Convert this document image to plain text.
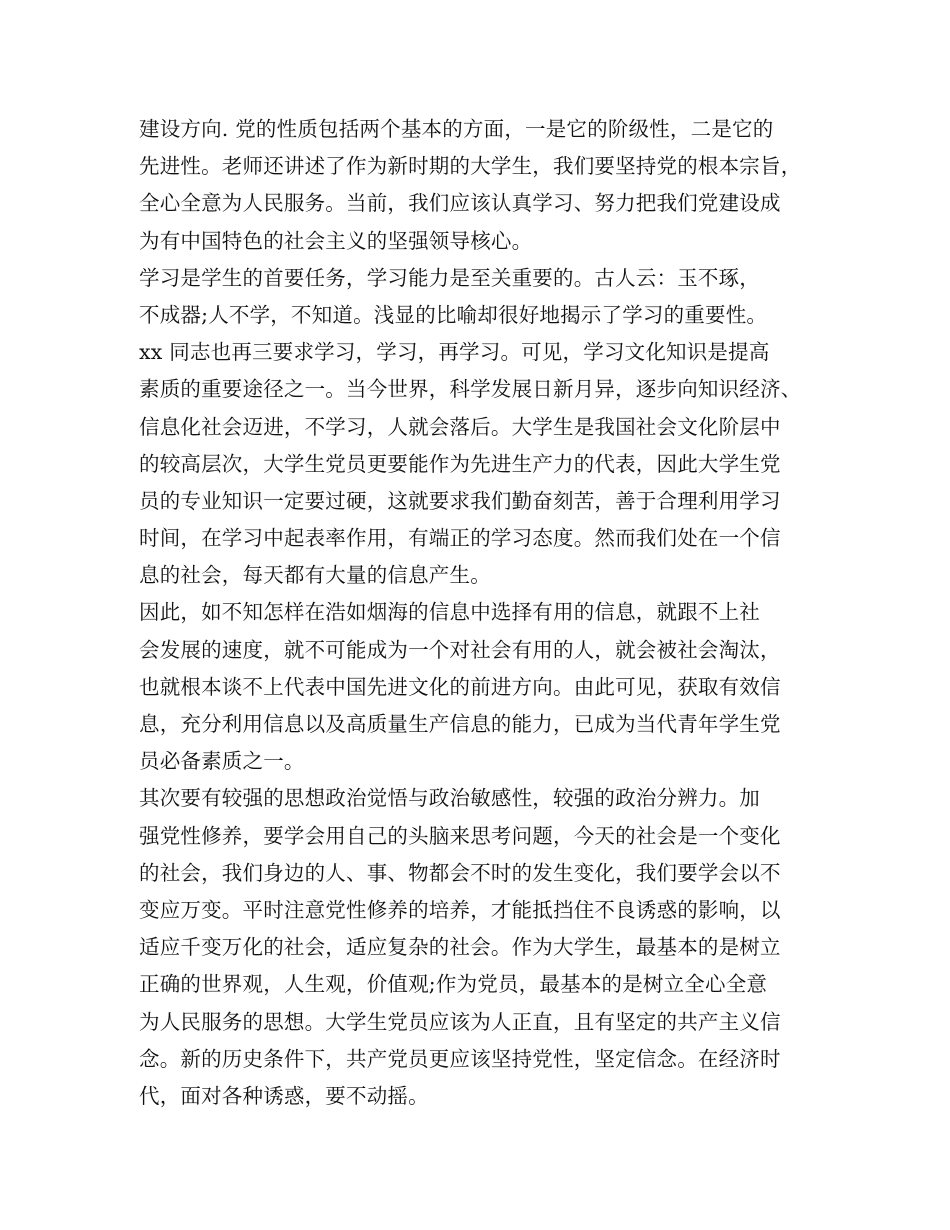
建设方向. 党的性质包括两个基本的方面，一是它的阶级性，二是它的
先进性。老师还讲述了作为新时期的大学生，我们要坚持党的根本宗旨，
全心全意为人民服务。当前，我们应该认真学习、努力把我们党建设成
为有中国特色的社会主义的坚强领导核心。
学习是学生的首要任务，学习能力是至关重要的。古人云：玉不琢，
不成器;人不学，不知道。浅显的比喻却很好地揭示了学习的重要性。
xx 同志也再三要求学习，学习，再学习。可见，学习文化知识是提高
素质的重要途径之一。当今世界，科学发展日新月异，逐步向知识经济、
信息化社会迈进，不学习，人就会落后。大学生是我国社会文化阶层中
的较高层次，大学生党员更要能作为先进生产力的代表，因此大学生党
员的专业知识一定要过硬，这就要求我们勤奋刻苦，善于合理利用学习
时间，在学习中起表率作用，有端正的学习态度。然而我们处在一个信
息的社会，每天都有大量的信息产生。
因此，如不知怎样在浩如烟海的信息中选择有用的信息，就跟不上社
会发展的速度，就不可能成为一个对社会有用的人，就会被社会淘汰，
也就根本谈不上代表中国先进文化的前进方向。由此可见，获取有效信
息，充分利用信息以及高质量生产信息的能力，已成为当代青年学生党
员必备素质之一。
其次要有较强的思想政治觉悟与政治敏感性，较强的政治分辨力。加
强党性修养，要学会用自己的头脑来思考问题，今天的社会是一个变化
的社会，我们身边的人、事、物都会不时的发生变化，我们要学会以不
变应万变。平时注意党性修养的培养，才能抵挡住不良诱惑的影响，以
适应千变万化的社会，适应复杂的社会。作为大学生，最基本的是树立
正确的世界观，人生观，价值观;作为党员，最基本的是树立全心全意
为人民服务的思想。大学生党员应该为人正直，且有坚定的共产主义信
念。新的历史条件下，共产党员更应该坚持党性，坚定信念。在经济时
代，面对各种诱惑，要不动摇。
